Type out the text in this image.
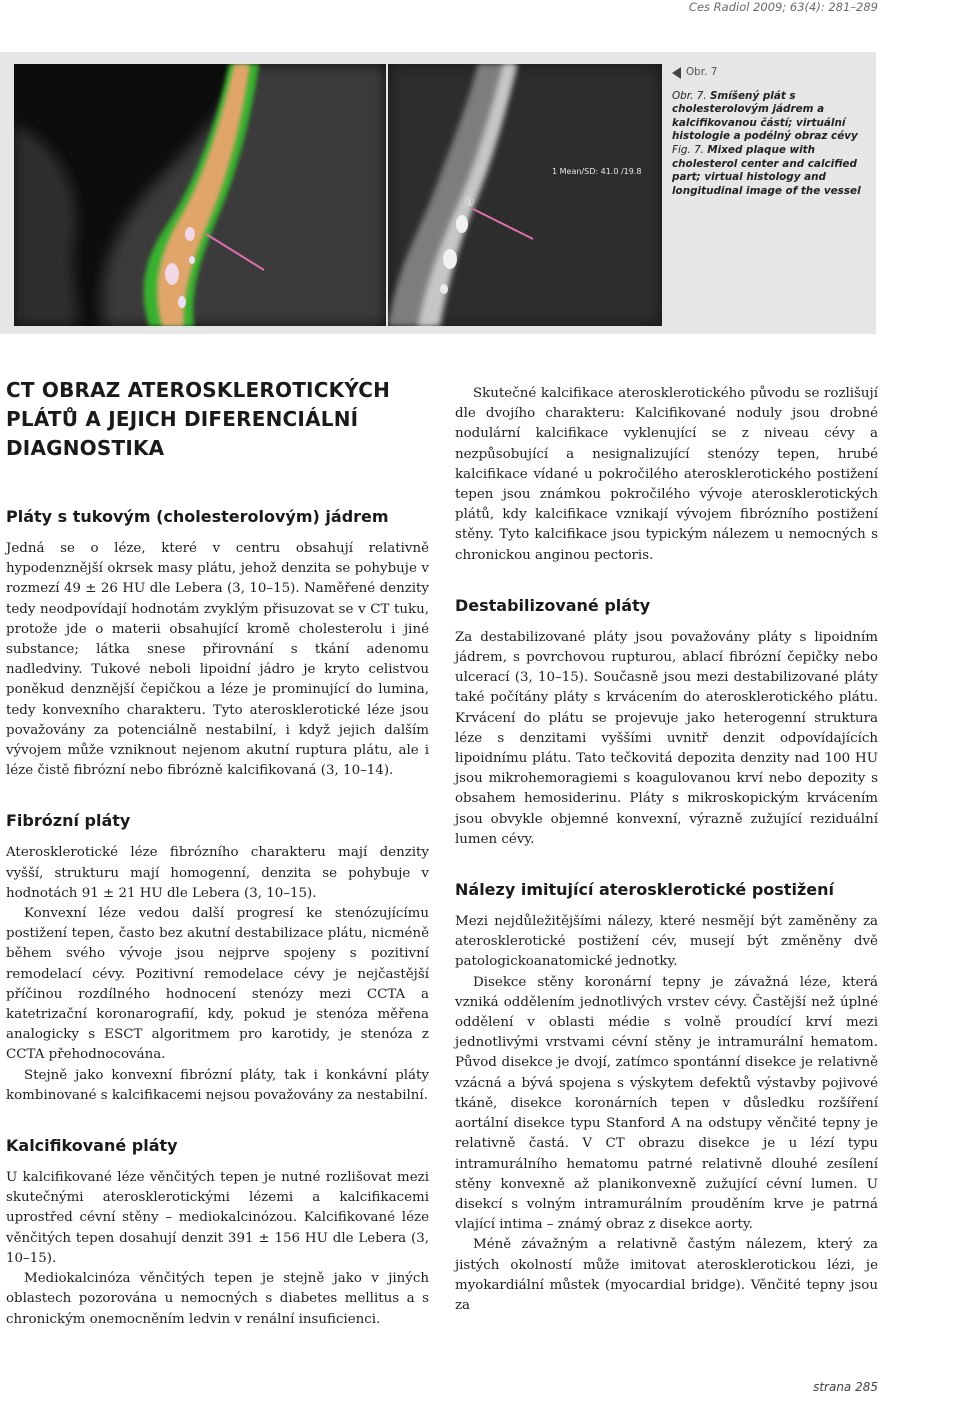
Ces Radiol 2009; 63(4): 281–289
①
1 Mean/SD: 41.0 /19.8
Obr. 7
Obr. 7. Smíšený plát s cholesterolovým jádrem a kalcifikovanou částí; virtuální histologie a podélný obraz cévy
Fig. 7. Mixed plaque with cholesterol center and calcified part; virtual histology and longitudinal image of the vessel
CT OBRAZ ATEROSKLEROTICKÝCH PLÁTŮ A JEJICH DIFERENCIÁLNÍ DIAGNOSTIKA
Pláty s tukovým (cholesterolovým) jádrem

Jedná se o léze, které v centru obsahují relativně hypodenznější okrsek masy plátu, jehož denzita se pohybuje v rozmezí 49 ± 26 HU dle Lebera (3, 10–15). Naměřené denzity tedy neodpovídají hodnotám zvyklým přisuzovat se v CT tuku, protože jde o materii obsahující kromě cholesterolu i jiné substance; látka snese přirovnání s tkání adenomu nadledviny. Tukové neboli lipoidní jádro je kryto celistvou poněkud denznější čepičkou a léze je prominující do lumina, tedy konvexního charakteru. Tyto aterosklerotické léze jsou považovány za potenciálně nestabilní, i když jejich dalším vývojem může vzniknout nejenom akutní ruptura plátu, ale i léze čistě fibrózní nebo fibrózně kalcifikovaná (3, 10–14).

Fibrózní pláty

Aterosklerotické léze fibrózního charakteru mají denzity vyšší, strukturu mají homogenní, denzita se pohybuje v hodnotách 91 ± 21 HU dle Lebera (3, 10–15).

Konvexní léze vedou další progresí ke stenózujícímu postižení tepen, často bez akutní destabilizace plátu, nicméně během svého vývoje jsou nejprve spojeny s pozitivní remodelací cévy. Pozitivní remodelace cévy je nejčastější příčinou rozdílného hodnocení stenózy mezi CCTA a katetrizační koronarografií, kdy, pokud je stenóza měřena analogicky s ESCT algoritmem pro karotidy, je stenóza z CCTA přehodnocována.

Stejně jako konvexní fibrózní pláty, tak i konkávní pláty kombinované s kalcifikacemi nejsou považovány za nestabilní.

Kalcifikované pláty

U kalcifikované léze věnčitých tepen je nutné rozlišovat mezi skutečnými aterosklerotickými lézemi a kalcifikacemi uprostřed cévní stěny – mediokalcinózou. Kalcifikované léze věnčitých tepen dosahují denzit 391 ± 156 HU dle Lebera (3, 10–15).

Mediokalcinóza věnčitých tepen je stejně jako v jiných oblastech pozorována u nemocných s diabetes mellitus a s chronickým onemocněním ledvin v renální insuficienci.

Skutečné kalcifikace aterosklerotického původu se rozlišují dle dvojího charakteru: Kalcifikované noduly jsou drobné nodulární kalcifikace vyklenující se z niveau cévy a nezpůsobující a nesignalizující stenózy tepen, hrubé kalcifikace vídané u pokročilého aterosklerotického postižení tepen jsou známkou pokročilého vývoje aterosklerotických plátů, kdy kalcifikace vznikají vývojem fibrózního postižení stěny. Tyto kalcifikace jsou typickým nálezem u nemocných s chronickou anginou pectoris.

Destabilizované pláty

Za destabilizované pláty jsou považovány pláty s lipoidním jádrem, s povrchovou rupturou, ablací fibrózní čepičky nebo ulcerací (3, 10–15). Současně jsou mezi destabilizované pláty také počítány pláty s krvácením do aterosklerotického plátu. Krvácení do plátu se projevuje jako heterogenní struktura léze s denzitami vyššími uvnitř denzit odpovídajících lipoidnímu plátu. Tato tečkovitá depozita denzity nad 100 HU jsou mikrohemoragiemi s koagulovanou krví nebo depozity s obsahem hemosiderinu. Pláty s mikroskopickým krvácením jsou obvykle objemné konvexní, výrazně zužující reziduální lumen cévy.

Nálezy imitující aterosklerotické postižení

Mezi nejdůležitějšími nálezy, které nesmějí být zaměněny za aterosklerotické postižení cév, musejí být změněny dvě patologickoanatomické jednotky.

Disekce stěny koronární tepny je závažná léze, která vzniká oddělením jednotlivých vrstev cévy. Častější než úplné oddělení v oblasti médie s volně proudící krví mezi jednotlivými vrstvami cévní stěny je intramurální hematom. Původ disekce je dvojí, zatímco spontánní disekce je relativně vzácná a bývá spojena s výskytem defektů výstavby pojivové tkáně, disekce koronárních tepen v důsledku rozšíření aortální disekce typu Stanford A na odstupy věnčité tepny je relativně častá. V CT obrazu disekce je u lézí typu intramurálního hematomu patrné relativně dlouhé zesílení stěny konvexně až planikonvexně zužující cévní lumen. U disekcí s volným intramurálním prouděním krve je patrná vlající intima – známý obraz z disekce aorty.

Méně závažným a relativně častým nálezem, který za jistých okolností může imitovat aterosklerotickou lézi, je myokardiální můstek (myocardial bridge). Věnčité tepny jsou za

strana 285
